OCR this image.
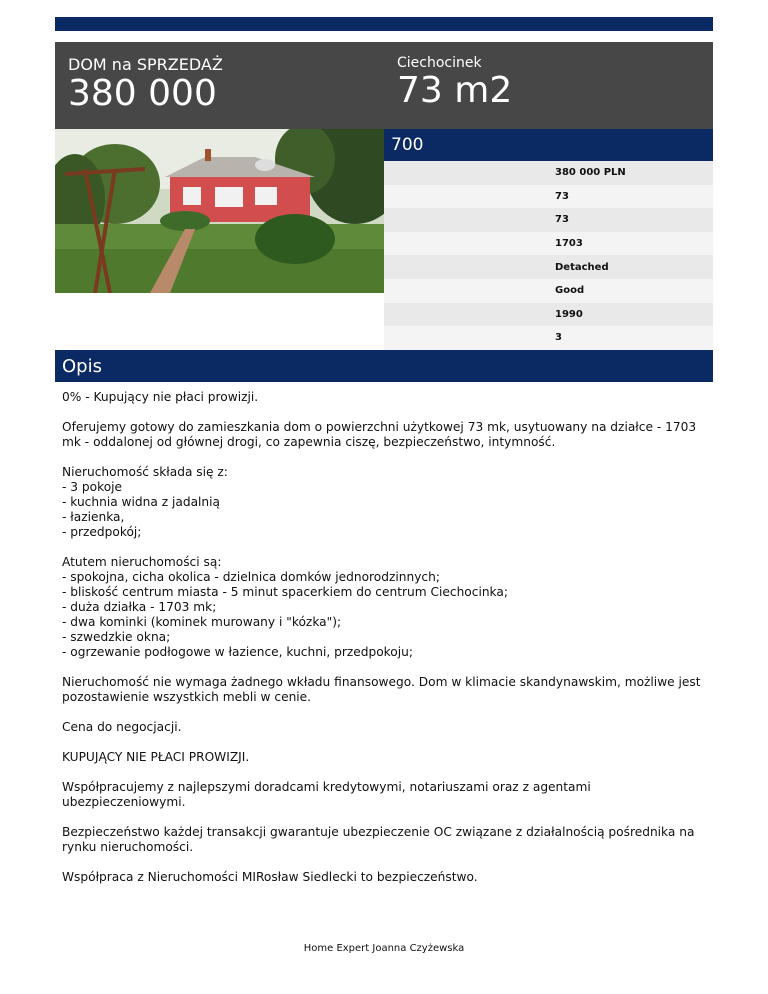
DOM na SPRZEDAŻ
380 000
Ciechocinek
73 m2
700
380 000 PLN
73
73
1703
Detached
Good
1990
3
Opis

0% - Kupujący nie płaci prowizji.

Oferujemy gotowy do zamieszkania dom o powierzchni użytkowej 73 mk, usytuowany na działce - 1703 mk - oddalonej od głównej drogi, co zapewnia ciszę, bezpieczeństwo, intymność.

Nieruchomość składa się z:
- 3 pokoje
- kuchnia widna z jadalnią
- łazienka,
- przedpokój;

Atutem nieruchomości są:
- spokojna, cicha okolica - dzielnica domków jednorodzinnych;
- bliskość centrum miasta - 5 minut spacerkiem do centrum Ciechocinka;
- duża działka - 1703 mk;
- dwa kominki (kominek murowany i "kózka");
- szwedzkie okna;
- ogrzewanie podłogowe w łazience, kuchni, przedpokoju;

Nieruchomość nie wymaga żadnego wkładu finansowego. Dom w klimacie skandynawskim, możliwe jest pozostawienie wszystkich mebli w cenie.

Cena do negocjacji.

KUPUJĄCY NIE PŁACI PROWIZJI.

Współpracujemy z najlepszymi doradcami kredytowymi, notariuszami oraz z agentami ubezpieczeniowymi.

Bezpieczeństwo każdej transakcji gwarantuje ubezpieczenie OC związane z działalnością pośrednika na rynku nieruchomości.

Współpraca z Nieruchomości MIRosław Siedlecki to bezpieczeństwo.

Home Expert Joanna Czyżewska
